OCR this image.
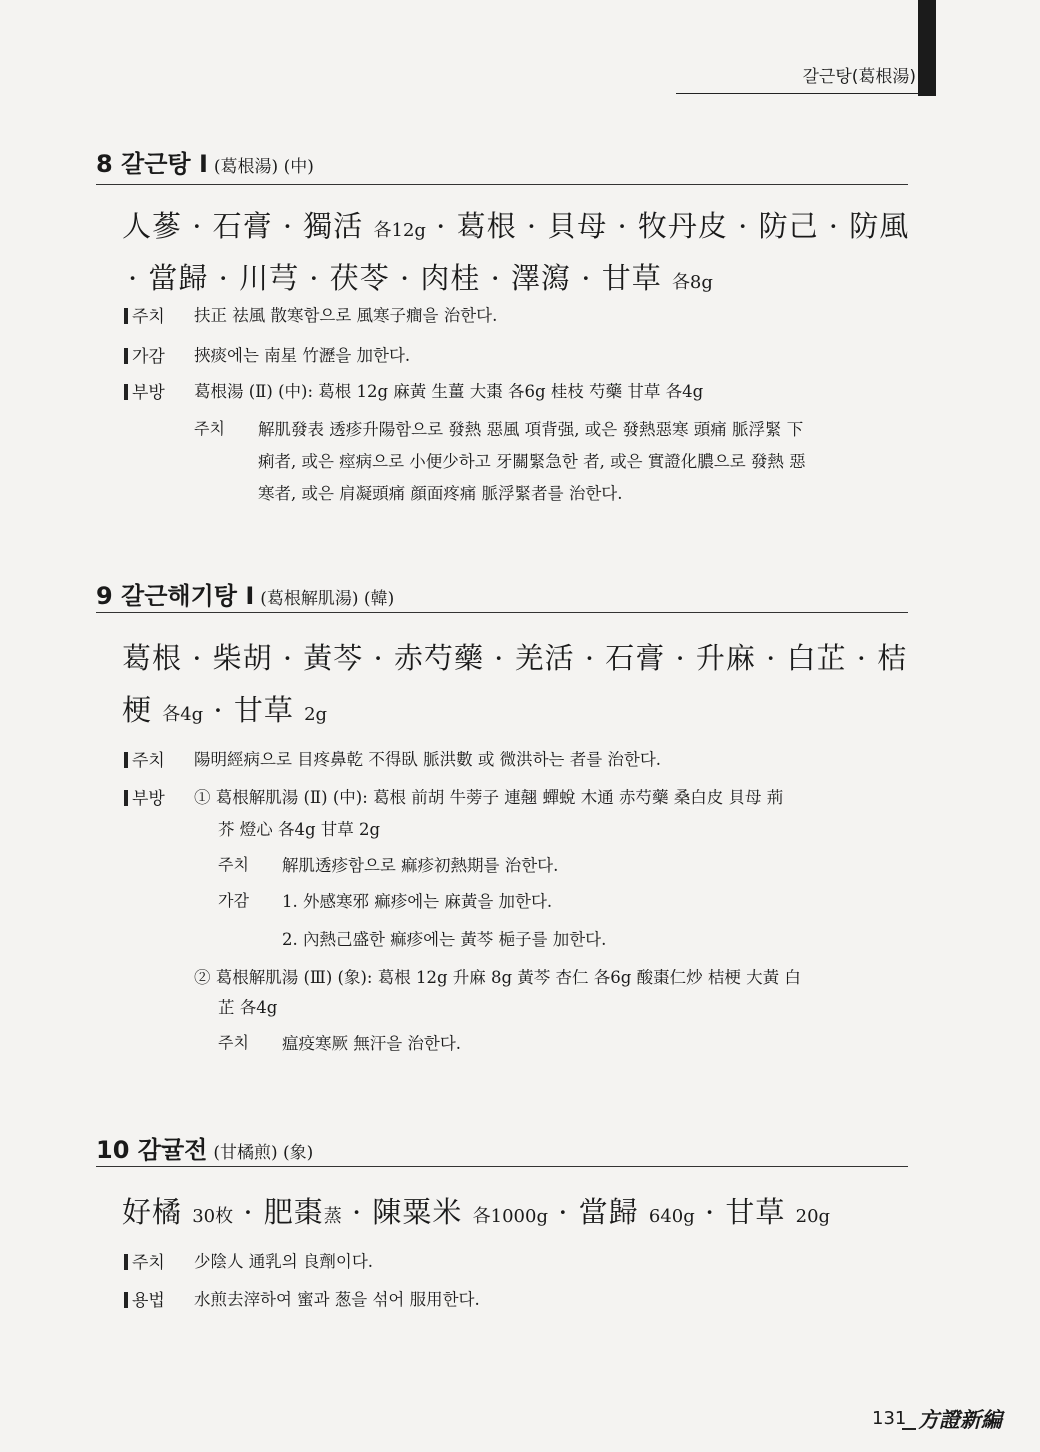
갈근탕(葛根湯)
8 갈근탕 I (葛根湯) (中)
人蔘 · 石膏 · 獨活 各12g · 葛根 · 貝母 · 牧丹皮 · 防己 · 防風
· 當歸 · 川芎 · 茯苓 · 肉桂 · 澤瀉 · 甘草 各8g
주치 扶正 祛風 散寒함으로 風寒子癎을 治한다.
가감 挾痰에는 南星 竹瀝을 加한다.
부방 葛根湯 (Ⅱ) (中): 葛根 12g 麻黃 生薑 大棗 各6g 桂枝 芍藥 甘草 各4g
주치 解肌發表 透疹升陽함으로 發熱 惡風 項背强, 或은 發熱惡寒 頭痛 脈浮緊 下
痢者, 或은 痙病으로 小便少하고 牙關緊急한 者, 或은 實證化膿으로 發熱 惡
寒者, 或은 肩凝頭痛 顔面疼痛 脈浮緊者를 治한다.
9 갈근해기탕 I (葛根解肌湯) (韓)
葛根 · 柴胡 · 黃芩 · 赤芍藥 · 羌活 · 石膏 · 升麻 · 白芷 · 桔
梗 各4g · 甘草 2g
주치 陽明經病으로 目疼鼻乾 不得臥 脈洪數 或 微洪하는 者를 治한다.
부방 ① 葛根解肌湯 (Ⅱ) (中): 葛根 前胡 牛蒡子 連翹 蟬蛻 木通 赤芍藥 桑白皮 貝母 荊
芥 燈心 各4g 甘草 2g
주치 解肌透疹함으로 痲疹初熱期를 治한다.
가감 1. 外感寒邪 痲疹에는 麻黃을 加한다.
2. 內熱己盛한 痲疹에는 黃芩 梔子를 加한다.
② 葛根解肌湯 (Ⅲ) (象): 葛根 12g 升麻 8g 黃芩 杏仁 各6g 酸棗仁炒 桔梗 大黃 白
芷 各4g
주치 瘟疫寒厥 無汗을 治한다.
10 감귤전 (甘橘煎) (象)
好橘 30枚 · 肥棗蒸 · 陳粟米 各1000g · 當歸 640g · 甘草 20g
주치 少陰人 通乳의 良劑이다.
용법 水煎去滓하여 蜜과 葱을 섞어 服用한다.
131 方證新編
